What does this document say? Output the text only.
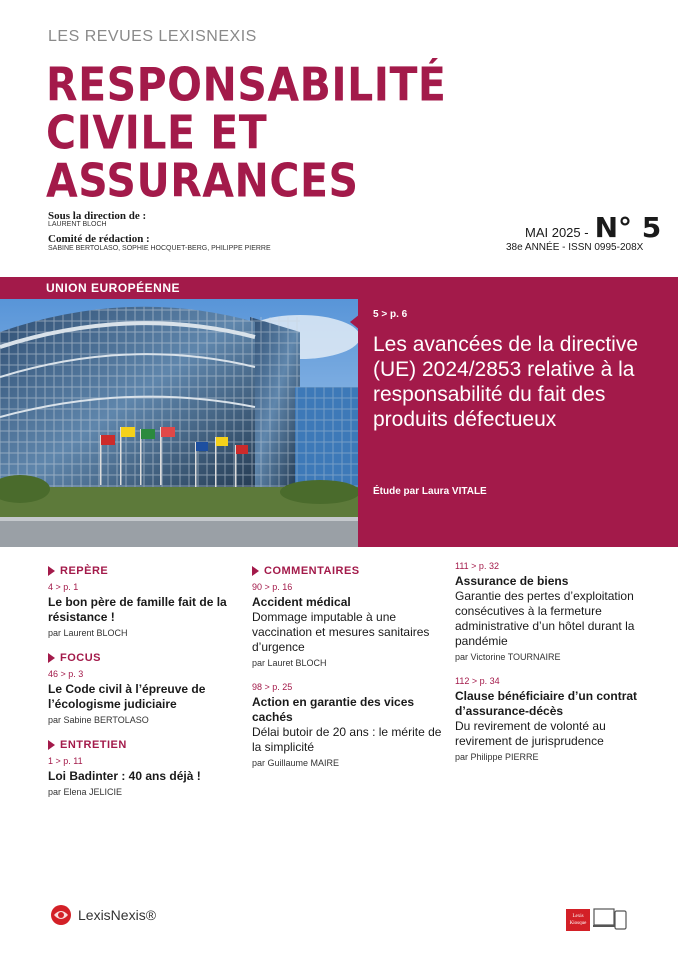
LES REVUES LEXISNEXIS
RESPONSABILITÉ
CIVILE ET
ASSURANCES
Sous la direction de :
LAURENT BLOCH
Comité de rédaction :
SABINE BERTOLASO, SOPHIE HOCQUET-BERG, PHILIPPE PIERRE
MAI 2025 - N° 5
38e ANNÉE - ISSN 0995-208X
UNION EUROPÉENNE
5 > p. 6
Les avancées de la directive (UE) 2024/2853 relative à la responsabilité du fait des produits défectueux
Étude par Laura VITALE
REPÈRE
4 > p. 1
Le bon père de famille fait de la résistance !
par Laurent BLOCH
FOCUS
46 > p. 3
Le Code civil à l’épreuve de l’écologisme judiciaire
par Sabine BERTOLASO
ENTRETIEN
1 > p. 11
Loi Badinter : 40 ans déjà !
par Elena JELICIE
COMMENTAIRES
90 > p. 16
Accident médical
Dommage imputable à une vaccination et mesures sanitaires d’urgence
par Lauret BLOCH
98 > p. 25
Action en garantie des vices cachés
Délai butoir de 20 ans : le mérite de la simplicité
par Guillaume MAIRE
111 > p. 32
Assurance de biens
Garantie des pertes d’exploitation consécutives à la fermeture administrative d’un hôtel durant la pandémie
par Victorine TOURNAIRE
112 > p. 34
Clause bénéficiaire d’un contrat d’assurance-décès
Du revirement de volonté au revirement de jurisprudence
par Philippe PIERRE
LexisNexis®	Lexis Kiosque
